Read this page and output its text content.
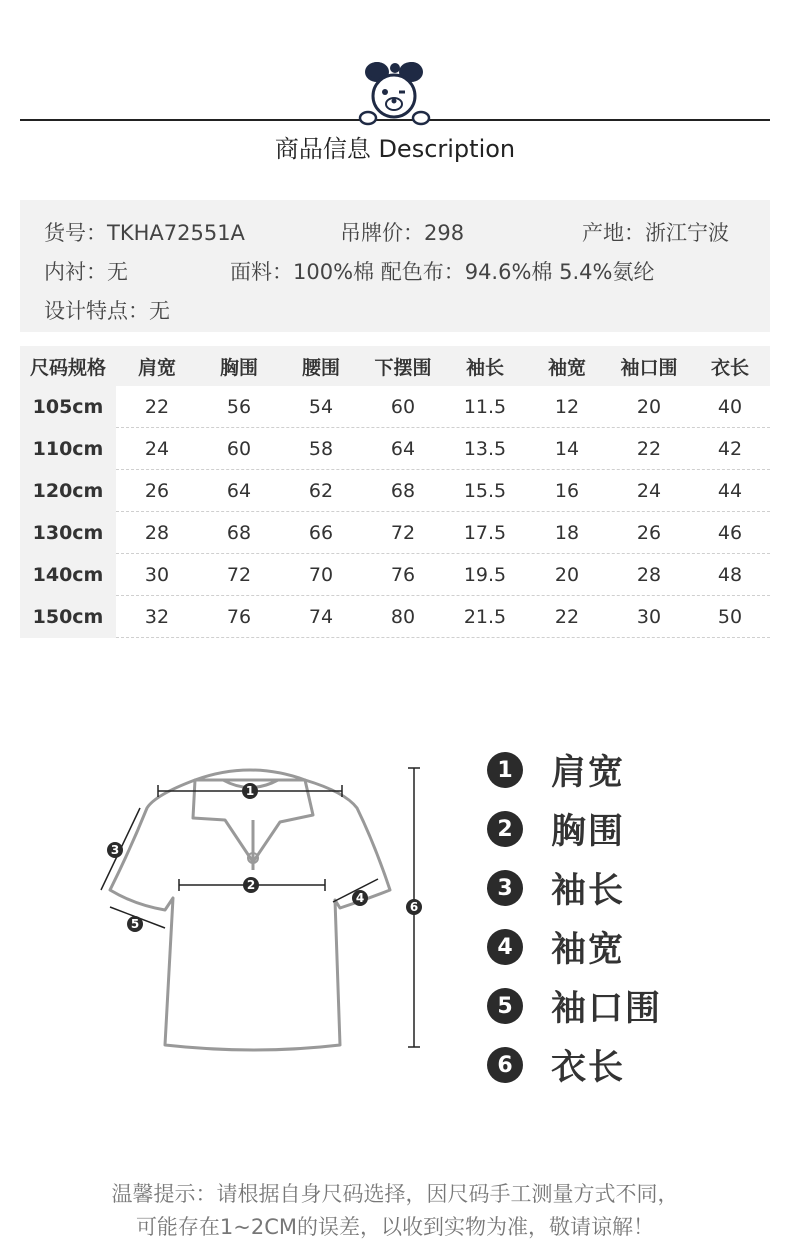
商品信息 Description
货号：TKHA72551A	吊牌价：298	产地：浙江宁波
内衬：无	面料：100%棉 配色布：94.6%棉 5.4%氨纶
设计特点：无
尺码规格	肩宽	胸围	腰围	下摆围	袖长	袖宽	袖口围	衣长
105cm	22	56	54	60	11.5	12	20	40
110cm	24	60	58	64	13.5	14	22	42
120cm	26	64	62	68	15.5	16	24	44
130cm	28	68	66	72	17.5	18	26	46
140cm	30	72	70	76	19.5	20	28	48
150cm	32	76	74	80	21.5	22	30	50
1
2
3
4
5
6
1 肩宽
2 胸围
3 袖长
4 袖宽
5 袖口围
6 衣长
温馨提示：请根据自身尺码选择，因尺码手工测量方式不同，
可能存在1~2CM的误差，以收到实物为准，敬请谅解！
